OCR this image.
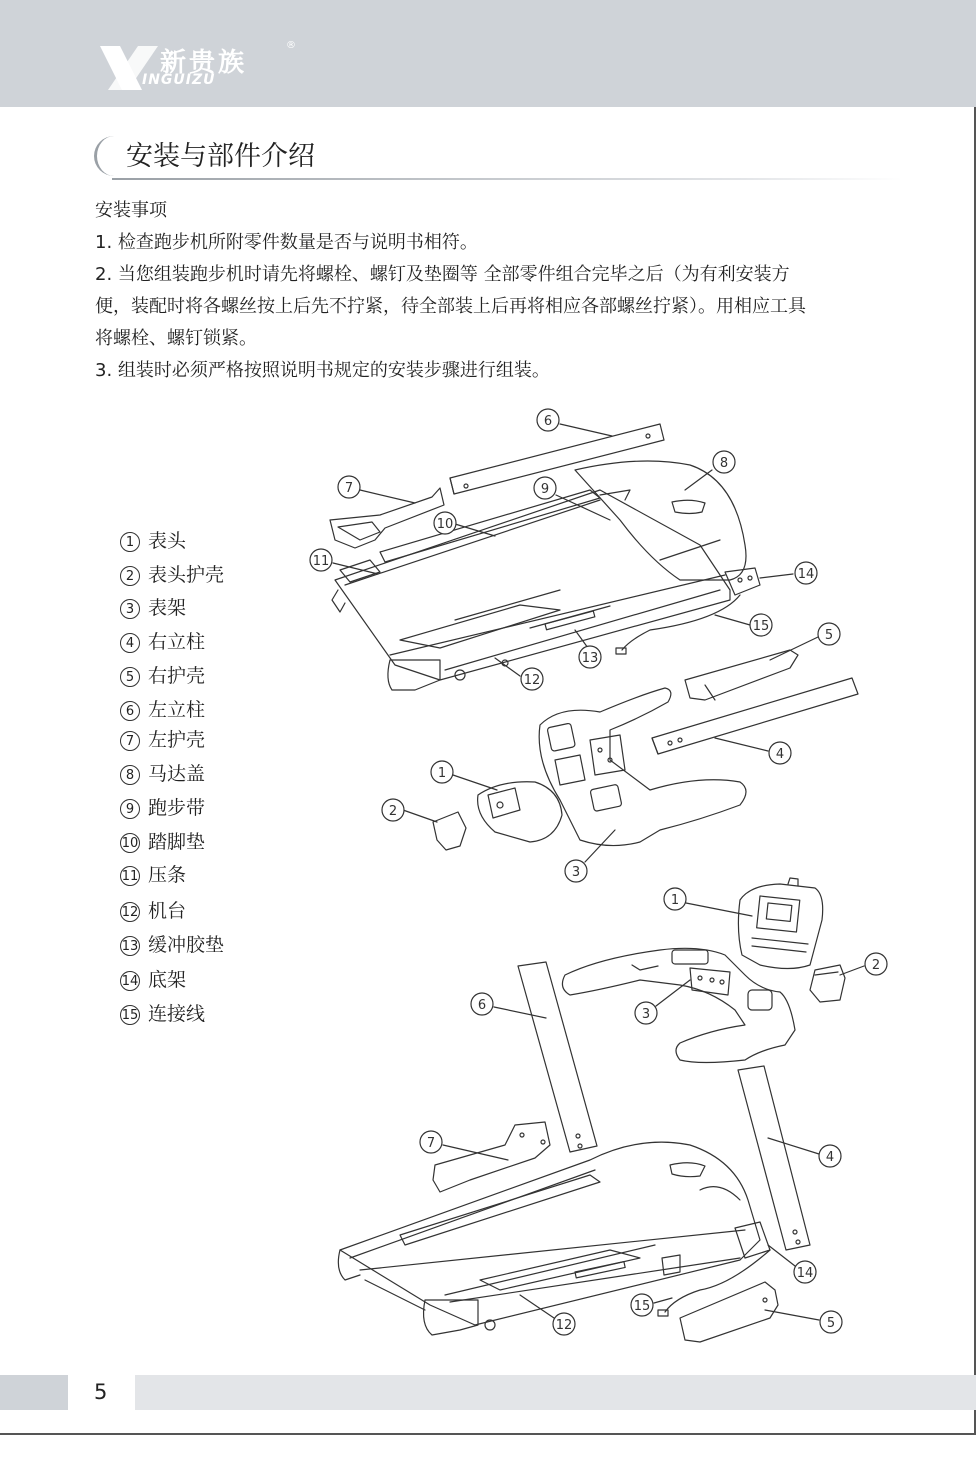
新贵族
®
INGUIZU
安装与部件介绍

安装事项

1. 检查跑步机所附零件数量是否与说明书相符。

2. 当您组装跑步机时请先将螺栓、螺钉及垫圈等 全部零件组合完毕之后（为有利安装方

便，装配时将各螺丝按上后先不拧紧，待全部装上后再将相应各部螺丝拧紧）。用相应工具

将螺栓、螺钉锁紧。

3. 组装时必须严格按照说明书规定的安装步骤进行组装。

1 表头
2 表头护壳
3 表架
4 右立柱
5 右护壳
6 左立柱
7 左护壳
8 马达盖
9 跑步带
10 踏脚垫
11 压条
12 机台
13 缓冲胶垫
14 底架
15 连接线
6
8
7	9
10
11
14
15
5
13
12
4
1
2
3
1
2
6
3
7
4
14
15
5
12
5
